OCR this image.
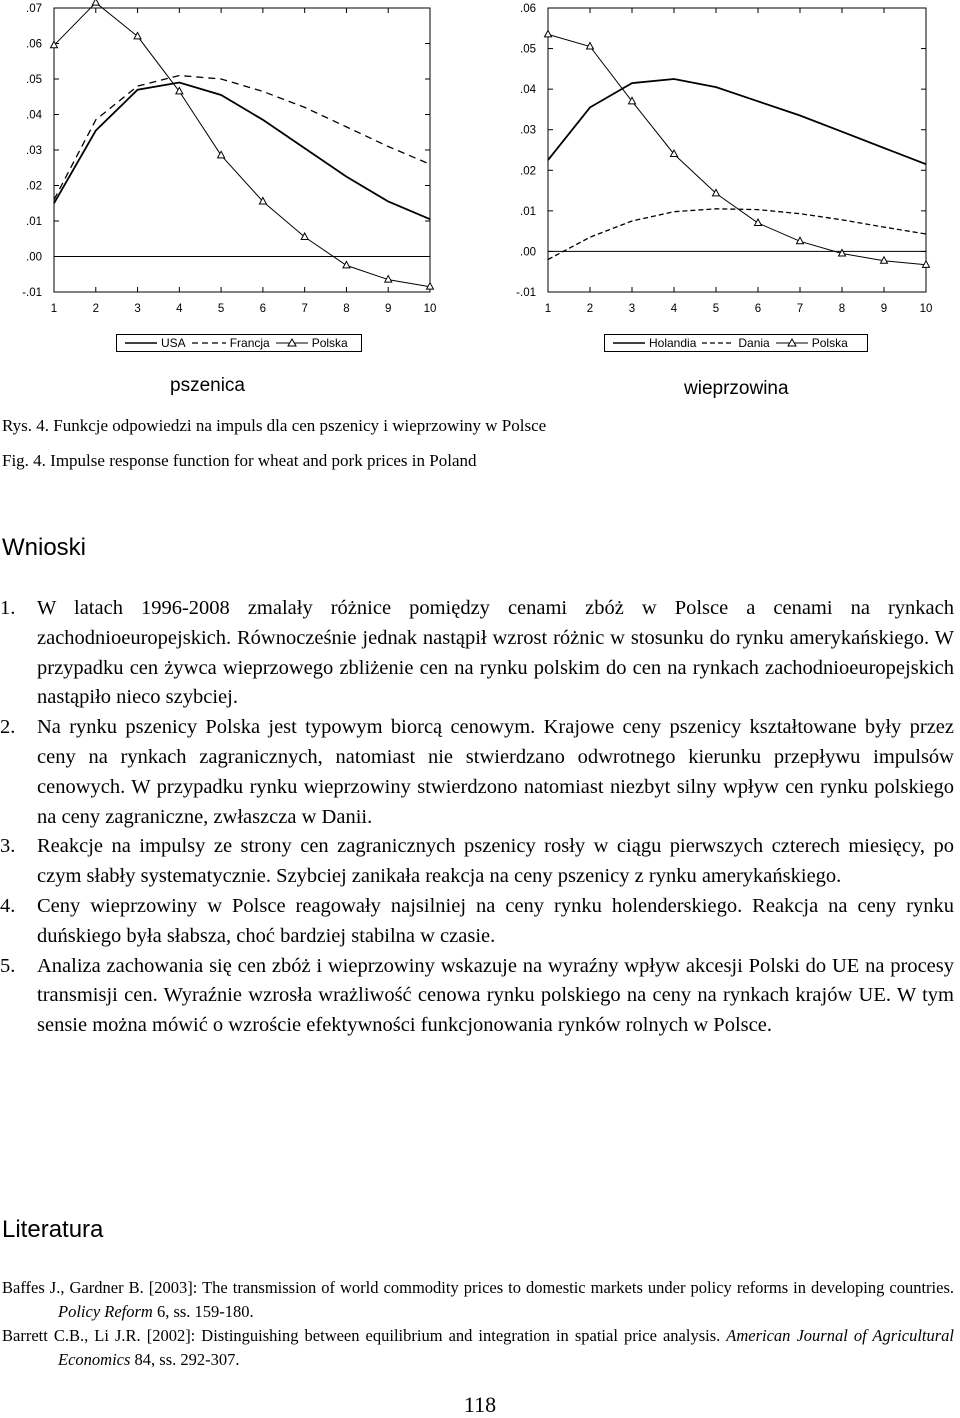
-.01
.00
.01
.02
.03
.04
.05
.06
.07
1	2	3	4	5	6	7	8	9	10
-.01
.00
.01
.02
.03
.04
.05
.06
1	2	3	4	5	6	7	8	9	10
USA	Francja	Polska	Holandia	Dania	Polska
pszenica	wieprzowina
Rys. 4. Funkcje odpowiedzi na impuls dla cen pszenicy i wieprzowiny w Polsce
Fig. 4. Impulse response function for wheat and pork prices in Poland
Wnioski
1. W latach 1996-2008 zmalały różnice pomiędzy cenami zbóż w Polsce a cenami na rynkach zachodnioeuropejskich. Równocześnie jednak nastąpił wzrost różnic w stosunku do rynku amerykańskiego. W przypadku cen żywca wieprzowego zbliżenie cen na rynku polskim do cen na rynkach zachodnioeuropejskich nastąpiło nieco szybciej.
2. Na rynku pszenicy Polska jest typowym biorcą cenowym. Krajowe ceny pszenicy kształtowane były przez ceny na rynkach zagranicznych, natomiast nie stwierdzano odwrotnego kierunku przepływu impulsów cenowych. W przypadku rynku wieprzowiny stwierdzono natomiast niezbyt silny wpływ cen rynku polskiego na ceny zagraniczne, zwłaszcza w Danii.
3. Reakcje na impulsy ze strony cen zagranicznych pszenicy rosły w ciągu pierwszych czterech miesięcy, po czym słabły systematycznie. Szybciej zanikała reakcja na ceny pszenicy z rynku amerykańskiego.
4. Ceny wieprzowiny w Polsce reagowały najsilniej na ceny rynku holenderskiego. Reakcja na ceny rynku duńskiego była słabsza, choć bardziej stabilna w czasie.
5. Analiza zachowania się cen zbóż i wieprzowiny wskazuje na wyraźny wpływ akcesji Polski do UE na procesy transmisji cen. Wyraźnie wzrosła wrażliwość cenowa rynku polskiego na ceny na rynkach krajów UE. W tym sensie można mówić o wzroście efektywności funkcjonowania rynków rolnych w Polsce.
Literatura
Baffes J., Gardner B. [2003]: The transmission of world commodity prices to domestic markets under policy reforms in developing countries. Policy Reform 6, ss. 159-180.
Barrett C.B., Li J.R. [2002]: Distinguishing between equilibrium and integration in spatial price analysis. American Journal of Agricultural Economics 84, ss. 292-307.
118
